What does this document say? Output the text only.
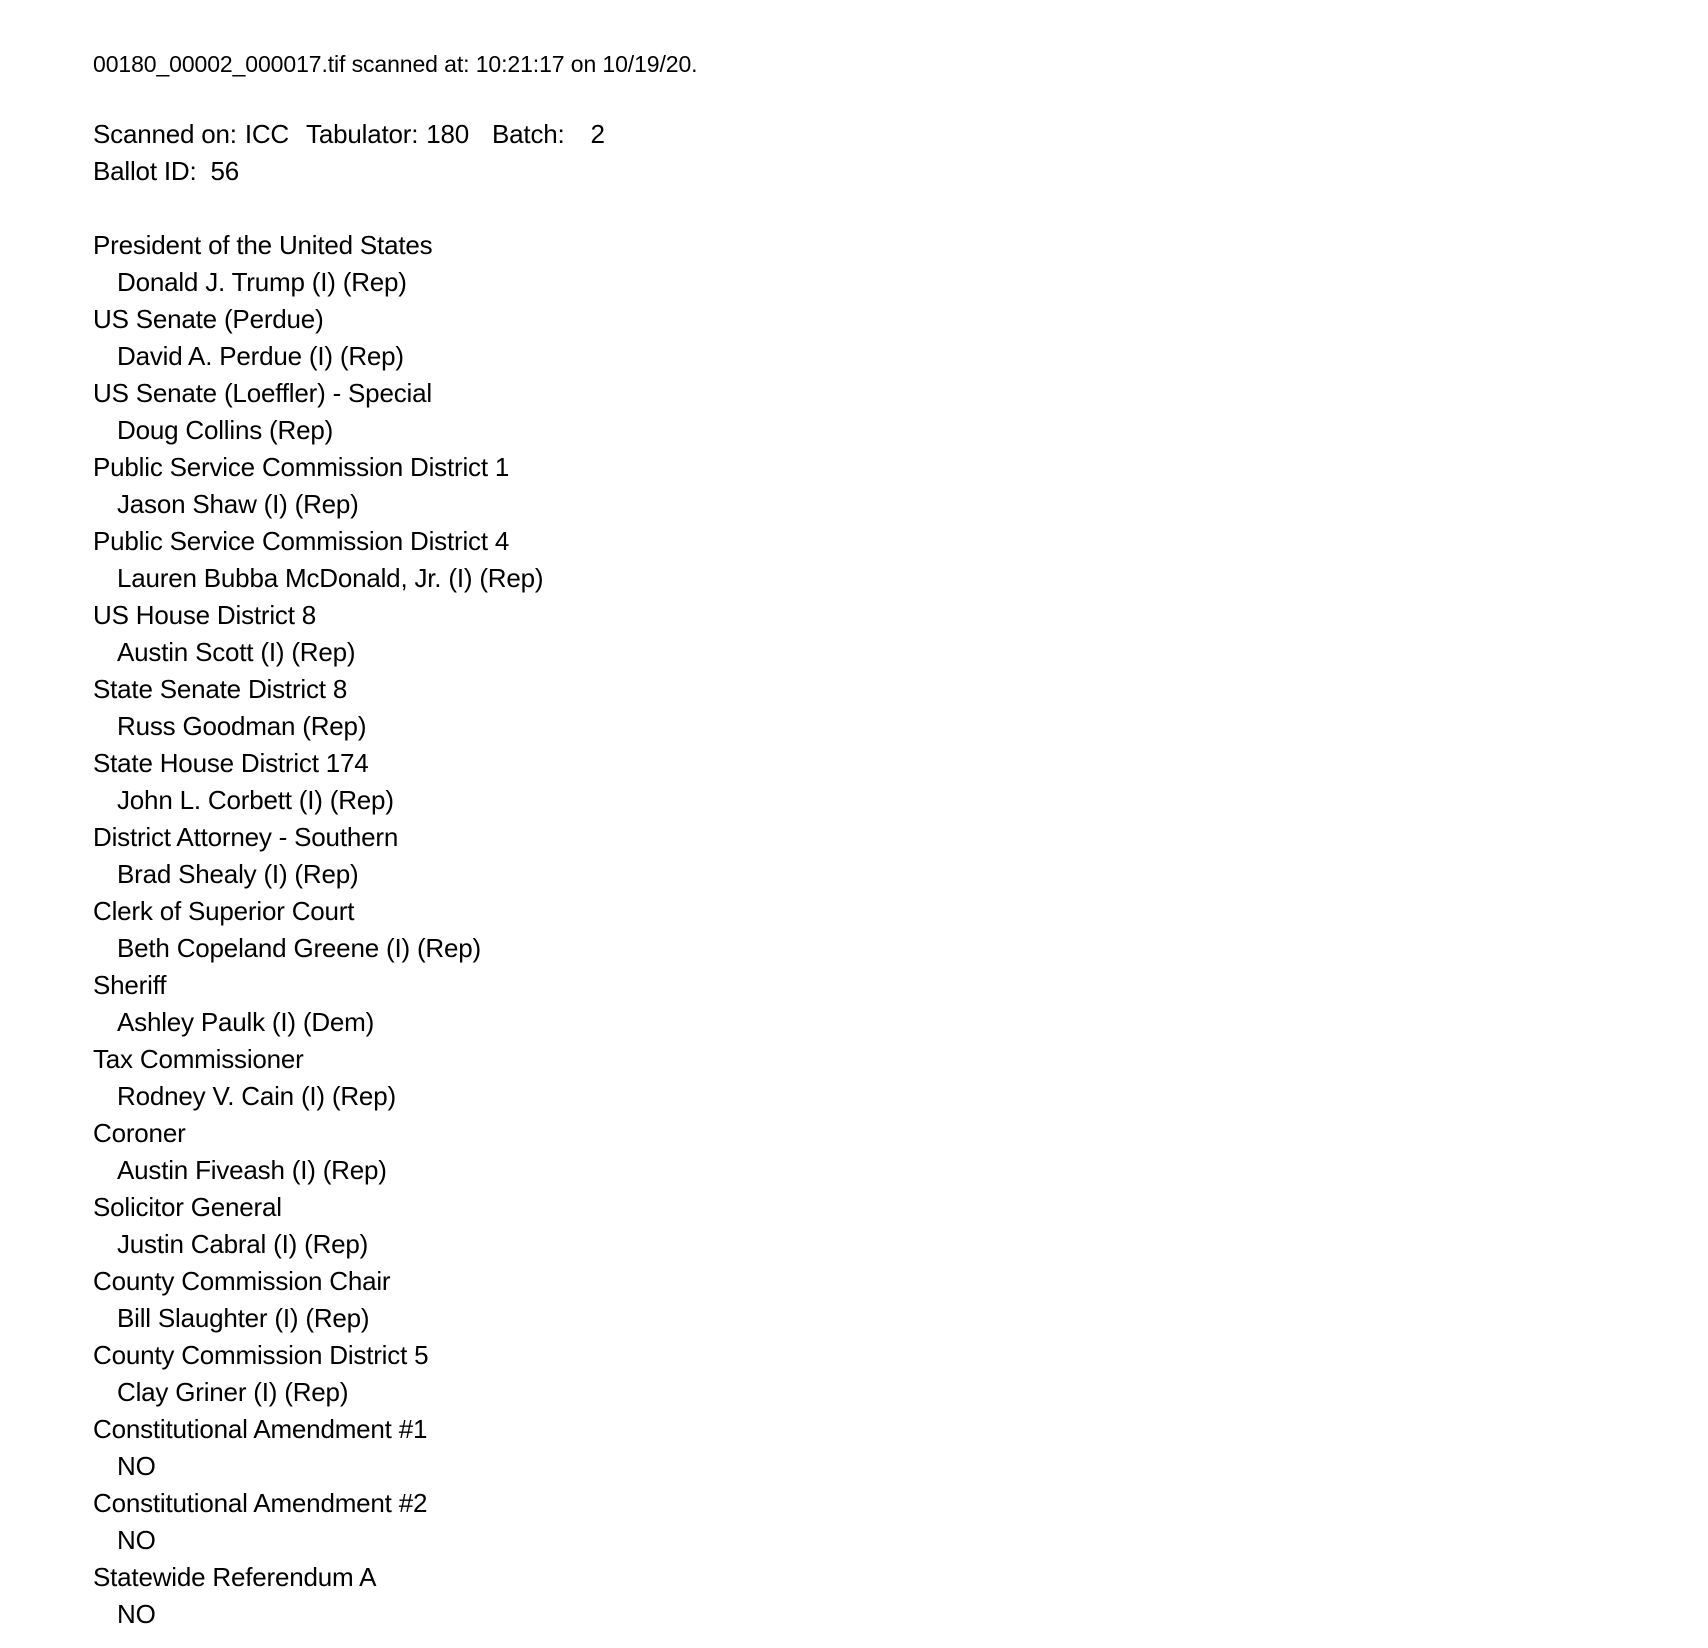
00180_00002_000017.tif scanned at: 10:21:17 on 10/19/20.
Scanned on: ICC Tabulator: 180 Batch: 2
Ballot ID: 56
President of the United States
Donald J. Trump (I) (Rep)
US Senate (Perdue)
David A. Perdue (I) (Rep)
US Senate (Loeffler) - Special
Doug Collins (Rep)
Public Service Commission District 1
Jason Shaw (I) (Rep)
Public Service Commission District 4
Lauren Bubba McDonald, Jr. (I) (Rep)
US House District 8
Austin Scott (I) (Rep)
State Senate District 8
Russ Goodman (Rep)
State House District 174
John L. Corbett (I) (Rep)
District Attorney - Southern
Brad Shealy (I) (Rep)
Clerk of Superior Court
Beth Copeland Greene (I) (Rep)
Sheriff
Ashley Paulk (I) (Dem)
Tax Commissioner
Rodney V. Cain (I) (Rep)
Coroner
Austin Fiveash (I) (Rep)
Solicitor General
Justin Cabral (I) (Rep)
County Commission Chair
Bill Slaughter (I) (Rep)
County Commission District 5
Clay Griner (I) (Rep)
Constitutional Amendment #1
NO
Constitutional Amendment #2
NO
Statewide Referendum A
NO
